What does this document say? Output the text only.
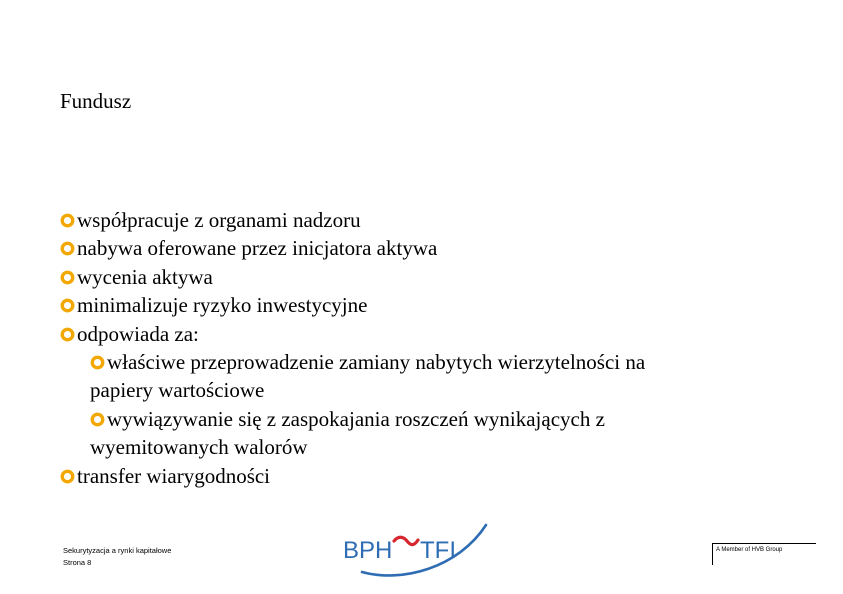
Fundusz
współpracuje z organami nadzoru
nabywa oferowane przez inicjatora aktywa
wycenia aktywa
minimalizuje ryzyko inwestycyjne
odpowiada za:
właściwe przeprowadzenie zamiany nabytych wierzytelności na
papiery wartościowe
wywiązywanie się z zaspokajania roszczeń wynikających z
wyemitowanych walorów
transfer wiarygodności
Sekurytyzacja a rynki kapitałowe
Strona 8	BPH TFI	A Member of HVB Group
